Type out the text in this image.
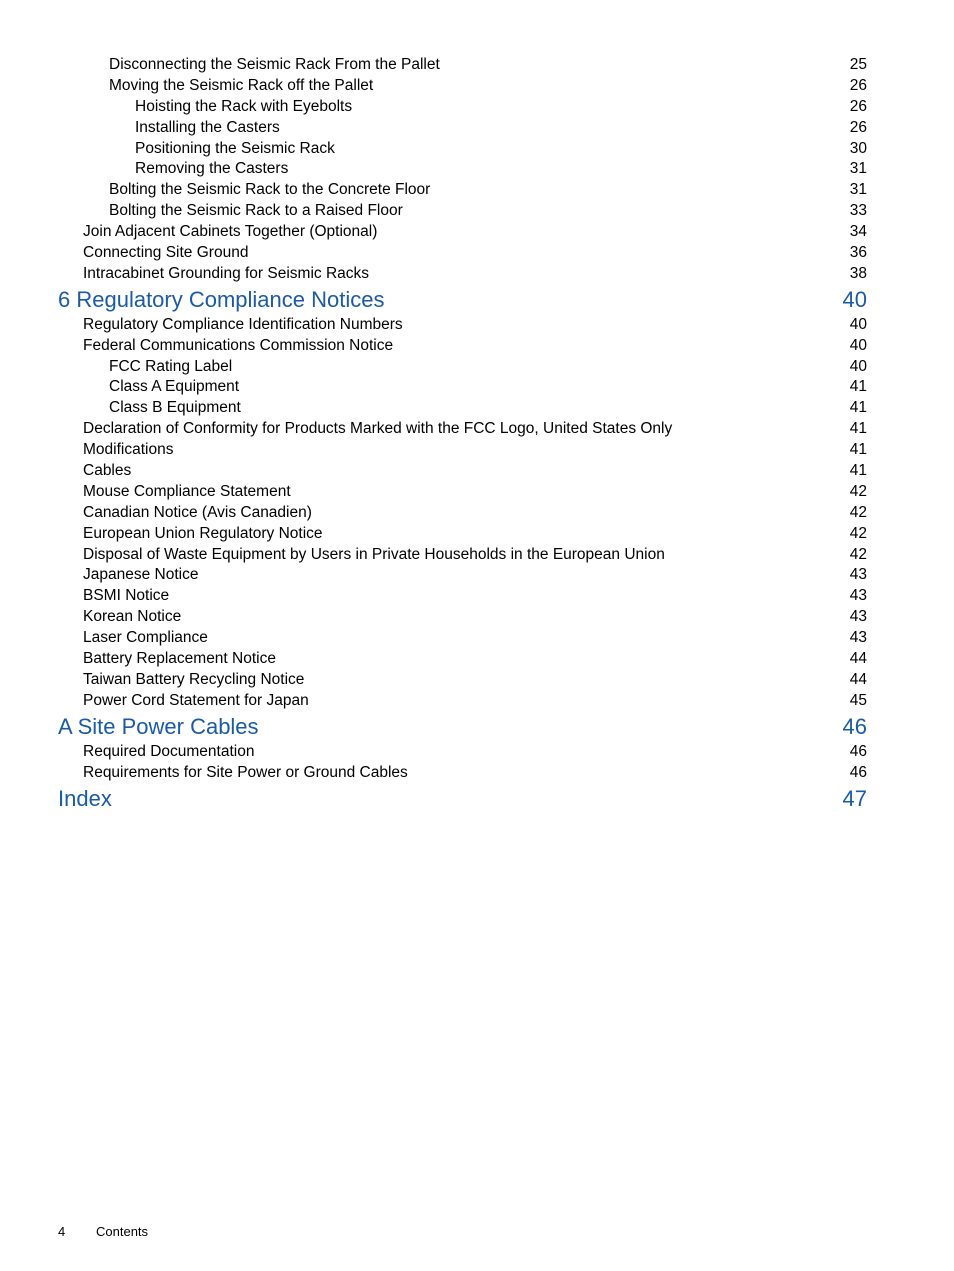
Disconnecting the Seismic Rack From the Pallet	25
Moving the Seismic Rack off the Pallet	26
Hoisting the Rack with Eyebolts	26
Installing the Casters	26
Positioning the Seismic Rack	30
Removing the Casters	31
Bolting the Seismic Rack to the Concrete Floor	31
Bolting the Seismic Rack to a Raised Floor	33
Join Adjacent Cabinets Together (Optional)	34
Connecting Site Ground	36
Intracabinet Grounding for Seismic Racks	38
6 Regulatory Compliance Notices	40
Regulatory Compliance Identification Numbers	40
Federal Communications Commission Notice	40
FCC Rating Label	40
Class A Equipment	41
Class B Equipment	41
Declaration of Conformity for Products Marked with the FCC Logo, United States Only	41
Modifications	41
Cables	41
Mouse Compliance Statement	42
Canadian Notice (Avis Canadien)	42
European Union Regulatory Notice	42
Disposal of Waste Equipment by Users in Private Households in the European Union	42
Japanese Notice	43
BSMI Notice	43
Korean Notice	43
Laser Compliance	43
Battery Replacement Notice	44
Taiwan Battery Recycling Notice	44
Power Cord Statement for Japan	45
A Site Power Cables	46
Required Documentation	46
Requirements for Site Power or Ground Cables	46
Index	47
4	Contents
